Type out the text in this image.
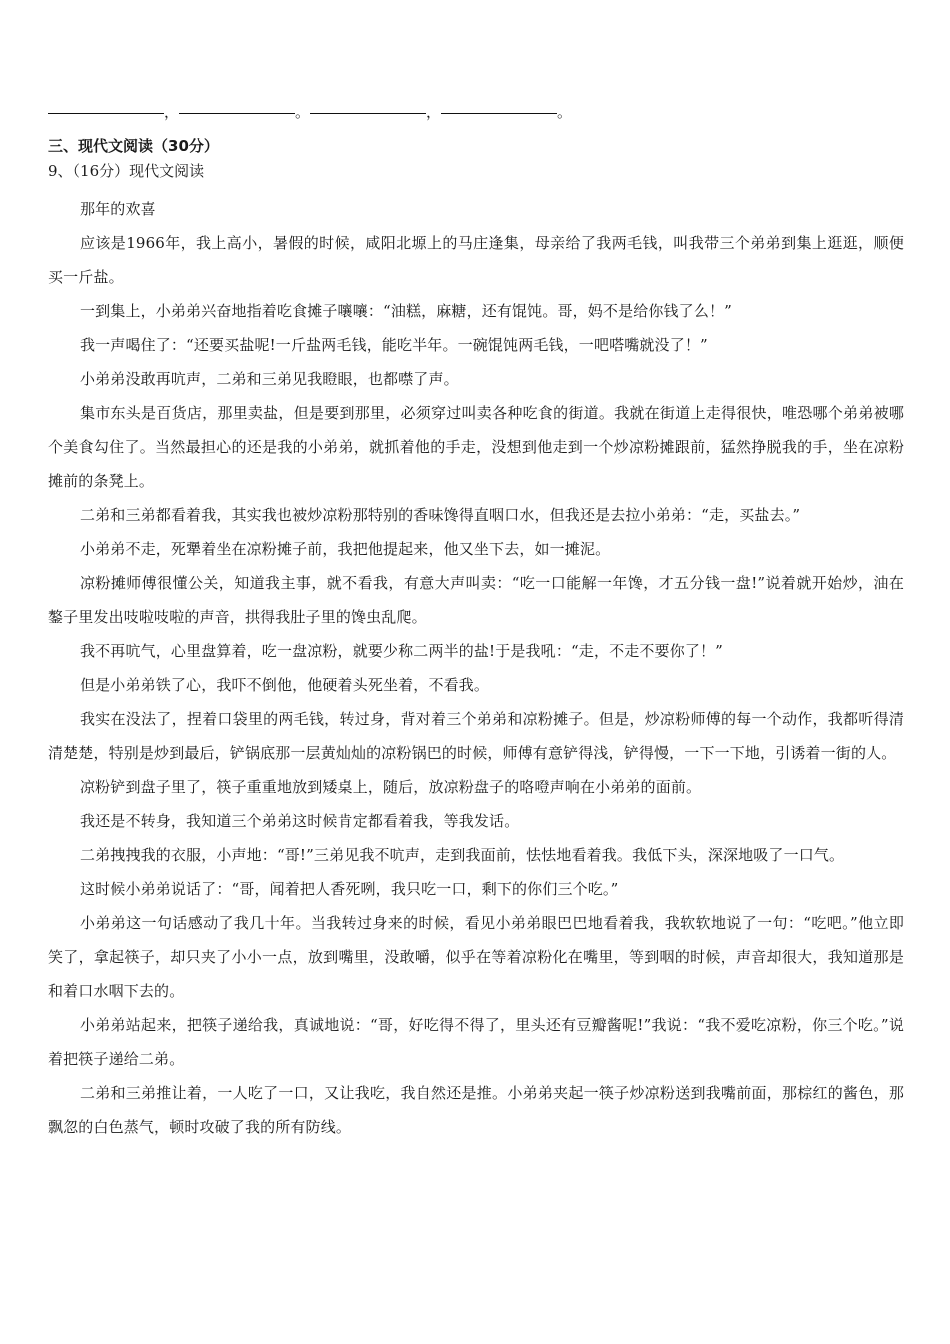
，	。	，	。
三、现代文阅读（30分）
9、（16分）现代文阅读

那年的欢喜

应该是1966年，我上高小，暑假的时候，咸阳北塬上的马庄逢集，母亲给了我两毛钱，叫我带三个弟弟到集上逛逛，顺便买一斤盐。

一到集上，小弟弟兴奋地指着吃食摊子嚷嚷：“油糕，麻糖，还有馄饨。哥，妈不是给你钱了么！”

我一声喝住了：“还要买盐呢!一斤盐两毛钱，能吃半年。一碗馄饨两毛钱，一吧嗒嘴就没了！”

小弟弟没敢再吭声，二弟和三弟见我瞪眼，也都噤了声。

集市东头是百货店，那里卖盐，但是要到那里，必须穿过叫卖各种吃食的街道。我就在街道上走得很快，唯恐哪个弟弟被哪个美食勾住了。当然最担心的还是我的小弟弟，就抓着他的手走，没想到他走到一个炒凉粉摊跟前，猛然挣脱我的手，坐在凉粉摊前的条凳上。

二弟和三弟都看着我，其实我也被炒凉粉那特别的香味馋得直咽口水，但我还是去拉小弟弟：“走，买盐去。”

小弟弟不走，死犟着坐在凉粉摊子前，我把他提起来，他又坐下去，如一摊泥。

凉粉摊师傅很懂公关，知道我主事，就不看我，有意大声叫卖：“吃一口能解一年馋，才五分钱一盘!”说着就开始炒，油在鏊子里发出吱啦吱啦的声音，拱得我肚子里的馋虫乱爬。

我不再吭气，心里盘算着，吃一盘凉粉，就要少称二两半的盐!于是我吼：“走，不走不要你了！”

但是小弟弟铁了心，我吓不倒他，他硬着头死坐着，不看我。

我实在没法了，捏着口袋里的两毛钱，转过身，背对着三个弟弟和凉粉摊子。但是，炒凉粉师傅的每一个动作，我都听得清清楚楚，特别是炒到最后，铲锅底那一层黄灿灿的凉粉锅巴的时候，师傅有意铲得浅，铲得慢，一下一下地，引诱着一街的人。

凉粉铲到盘子里了，筷子重重地放到矮桌上，随后，放凉粉盘子的咯噔声响在小弟弟的面前。

我还是不转身，我知道三个弟弟这时候肯定都看着我，等我发话。

二弟拽拽我的衣服，小声地：“哥!”三弟见我不吭声，走到我面前，怯怯地看着我。我低下头，深深地吸了一口气。

这时候小弟弟说话了：“哥，闻着把人香死咧，我只吃一口，剩下的你们三个吃。”

小弟弟这一句话感动了我几十年。当我转过身来的时候，看见小弟弟眼巴巴地看着我，我软软地说了一句：“吃吧。”他立即笑了，拿起筷子，却只夹了小小一点，放到嘴里，没敢嚼，似乎在等着凉粉化在嘴里，等到咽的时候，声音却很大，我知道那是和着口水咽下去的。

小弟弟站起来，把筷子递给我，真诚地说：“哥，好吃得不得了，里头还有豆瓣酱呢!”我说：“我不爱吃凉粉，你三个吃。”说着把筷子递给二弟。

二弟和三弟推让着，一人吃了一口，又让我吃，我自然还是推。小弟弟夹起一筷子炒凉粉送到我嘴前面，那棕红的酱色，那飘忽的白色蒸气，顿时攻破了我的所有防线。
